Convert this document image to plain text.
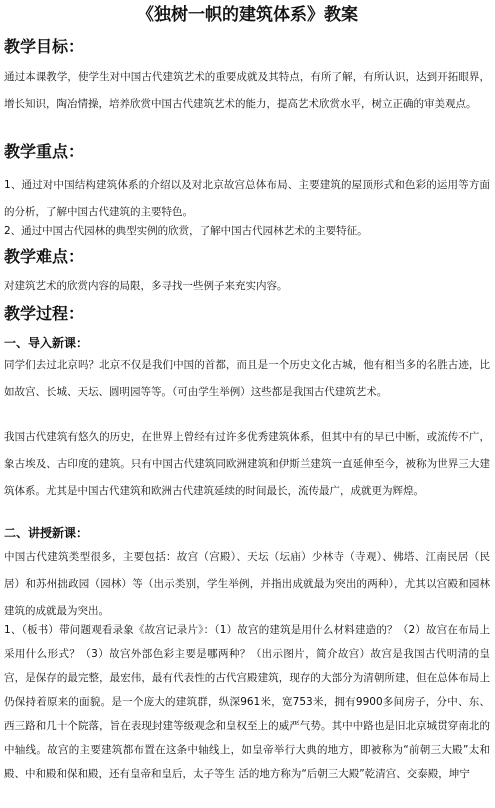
《独树一帜的建筑体系》教案
教学目标：
通过本课教学，使学生对中国古代建筑艺术的重要成就及其特点，有所了解，有所认识，达到开拓眼界，增长知识，陶冶情操，培养欣赏中国古代建筑艺术的能力，提高艺术欣赏水平，树立正确的审美观点。
教学重点：
1、通过对中国结构建筑体系的介绍以及对北京故宫总体布局、主要建筑的屋顶形式和色彩的运用等方面的分析，了解中国古代建筑的主要特色。
2、通过中国古代园林的典型实例的欣赏，了解中国古代园林艺术的主要特征。
教学难点：
对建筑艺术的欣赏内容的局限，多寻找一些例子来充实内容。
教学过程：
一、导入新课：
同学们去过北京吗？北京不仅是我们中国的首都，而且是一个历史文化古城，他有相当多的名胜古迹，比如故宫、长城、天坛、圆明园等等。（可由学生举例）这些都是我国古代建筑艺术。
我国古代建筑有悠久的历史，在世界上曾经有过许多优秀建筑体系，但其中有的早已中断，或流传不广，象古埃及、古印度的建筑。只有中国古代建筑同欧洲建筑和伊斯兰建筑一直延伸至今，被称为世界三大建筑体系。尤其是中国古代建筑和欧洲古代建筑延续的时间最长，流传最广，成就更为辉煌。
二、讲授新课：
中国古代建筑类型很多，主要包括：故宫（宫殿）、天坛（坛庙）少林寺（寺观）、佛塔、江南民居（民居）和苏州拙政园（园林）等（出示类别，学生举例，并指出成就最为突出的两种），尤其以宫殿和园林建筑的成就最为突出。
1、（板书）带问题观看录象《故宫记录片》：（1）故宫的建筑是用什么材料建造的？（2）故宫在布局上采用什么形式？（3）故宫外部色彩主要是哪两种？（出示图片，简介故宫）故宫是我国古代明清的皇宫，是保存的最完整，最宏伟，最有代表性的古代宫殿建筑，现存的大部分为清朝所建，但在总体布局上仍保持着原来的面貌。是一个庞大的建筑群，纵深961米，宽753米，拥有9900多间房子，分中、东、西三路和几十个院落，旨在表现封建等级观念和皇权至上的威严气势。其中中路也是旧北京城贯穿南北的中轴线。故宫的主要建筑都布置在这条中轴线上，如皇帝举行大典的地方，即被称为“前朝三大殿”太和殿、中和殿和保和殿，还有皇帝和皇后，太子等生 活的地方称为“后朝三大殿”乾清宫、交泰殿，坤宁
